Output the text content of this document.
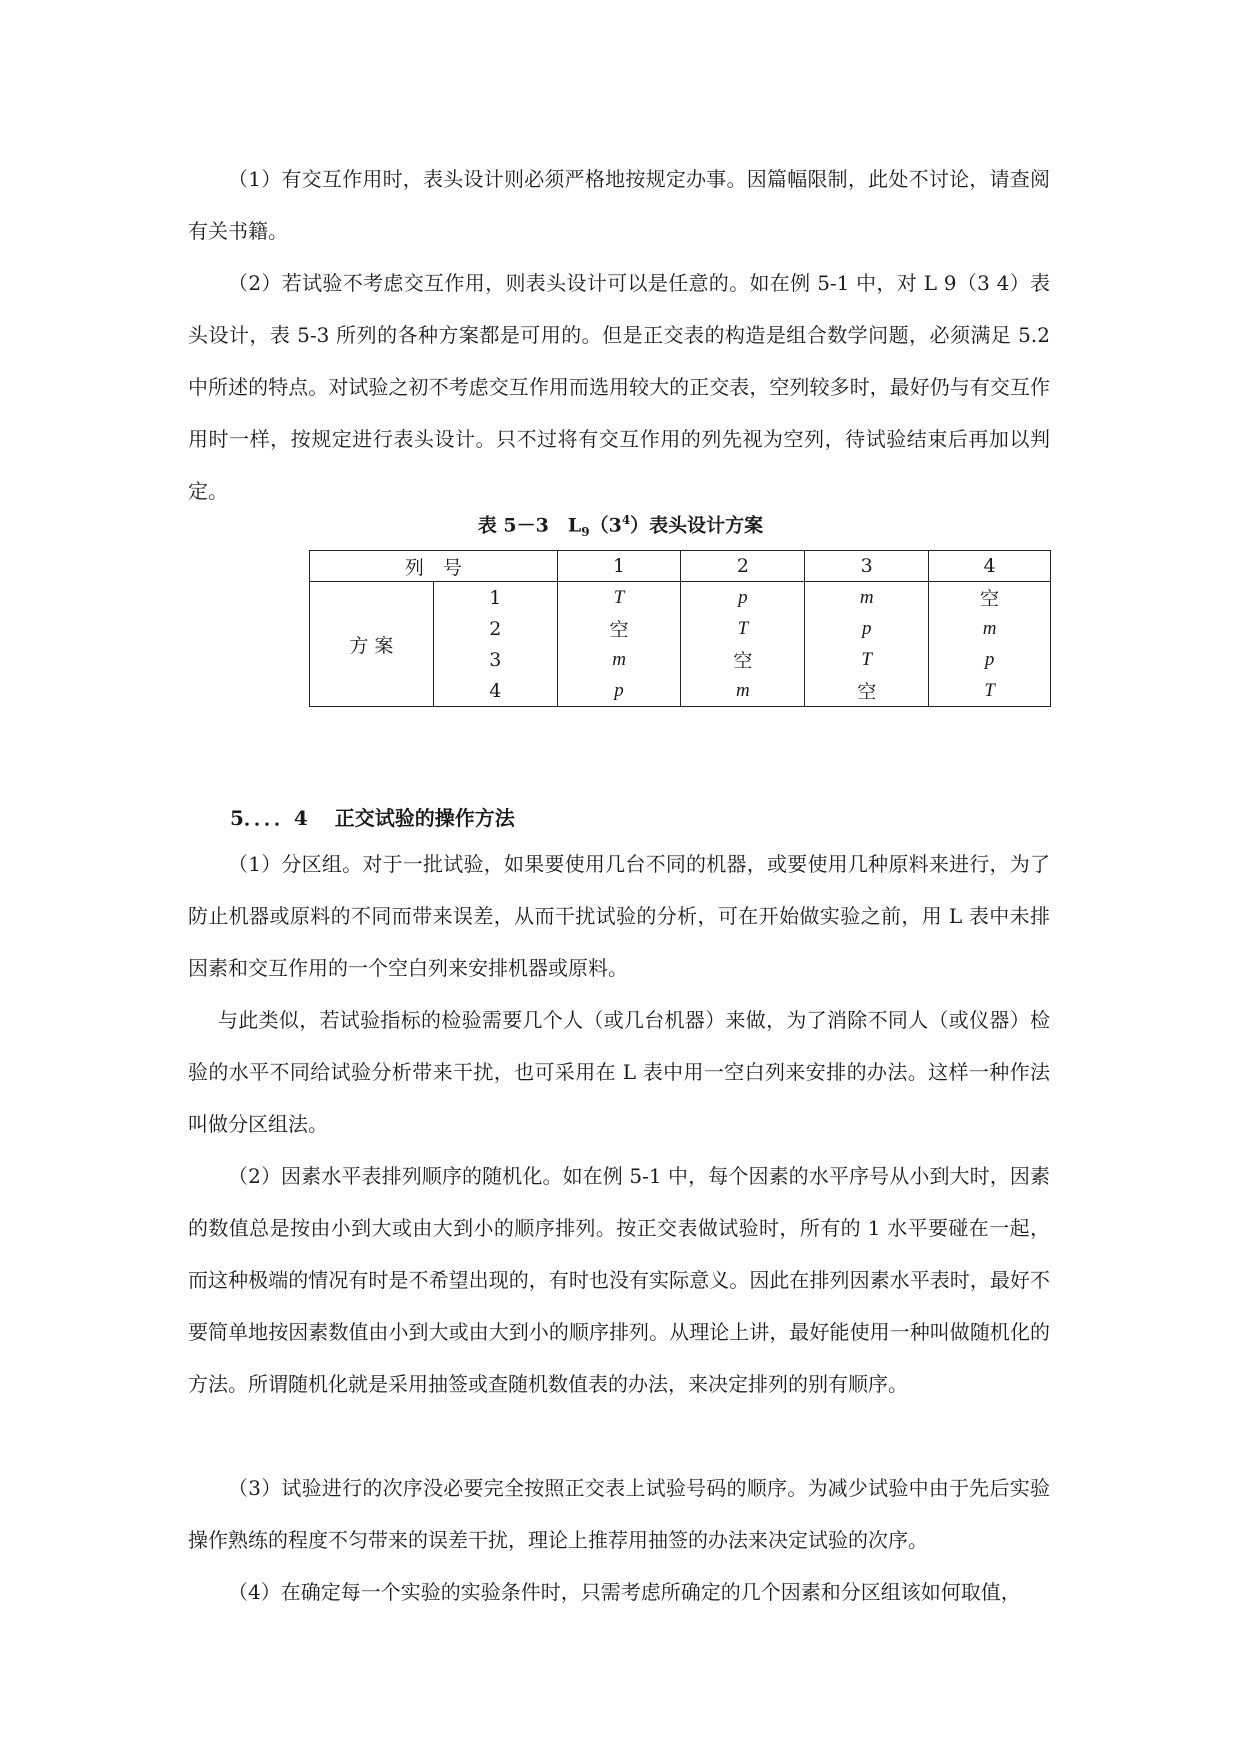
（1）有交互作用时，表头设计则必须严格地按规定办事。因篇幅限制，此处不讨论，请查阅有关书籍。

（2）若试验不考虑交互作用，则表头设计可以是任意的。如在例 5-1 中，对 L 9（3 4）表头设计，表 5-3 所列的各种方案都是可用的。但是正交表的构造是组合数学问题，必须满足 5.2 中所述的特点。对试验之初不考虑交互作用而选用较大的正交表，空列较多时，最好仍与有交互作用时一样，按规定进行表头设计。只不过将有交互作用的列先视为空列，待试验结束后再加以判定。

表 5－3　$L_9(3^4)$表头设计方案
列　号		1	2	3	4
方 案	1	T	p	m	空
	2	空	T	p	m
	3	m	空	T	p
	4	p	m	空	T
5．．．．4　 正交试验的操作方法

（1）分区组。对于一批试验，如果要使用几台不同的机器，或要使用几种原料来进行，为了防止机器或原料的不同而带来误差，从而干扰试验的分析，可在开始做实验之前，用 L 表中未排因素和交互作用的一个空白列来安排机器或原料。

与此类似，若试验指标的检验需要几个人（或几台机器）来做，为了消除不同人（或仪器）检验的水平不同给试验分析带来干扰，也可采用在 L 表中用一空白列来安排的办法。这样一种作法叫做分区组法。

（2）因素水平表排列顺序的随机化。如在例 5-1 中，每个因素的水平序号从小到大时，因素的数值总是按由小到大或由大到小的顺序排列。按正交表做试验时，所有的 1 水平要碰在一起，而这种极端的情况有时是不希望出现的，有时也没有实际意义。因此在排列因素水平表时，最好不要简单地按因素数值由小到大或由大到小的顺序排列。从理论上讲，最好能使用一种叫做随机化的方法。所谓随机化就是采用抽签或查随机数值表的办法，来决定排列的别有顺序。

（3）试验进行的次序没必要完全按照正交表上试验号码的顺序。为减少试验中由于先后实验操作熟练的程度不匀带来的误差干扰，理论上推荐用抽签的办法来决定试验的次序。

（4）在确定每一个实验的实验条件时，只需考虑所确定的几个因素和分区组该如何取值，
